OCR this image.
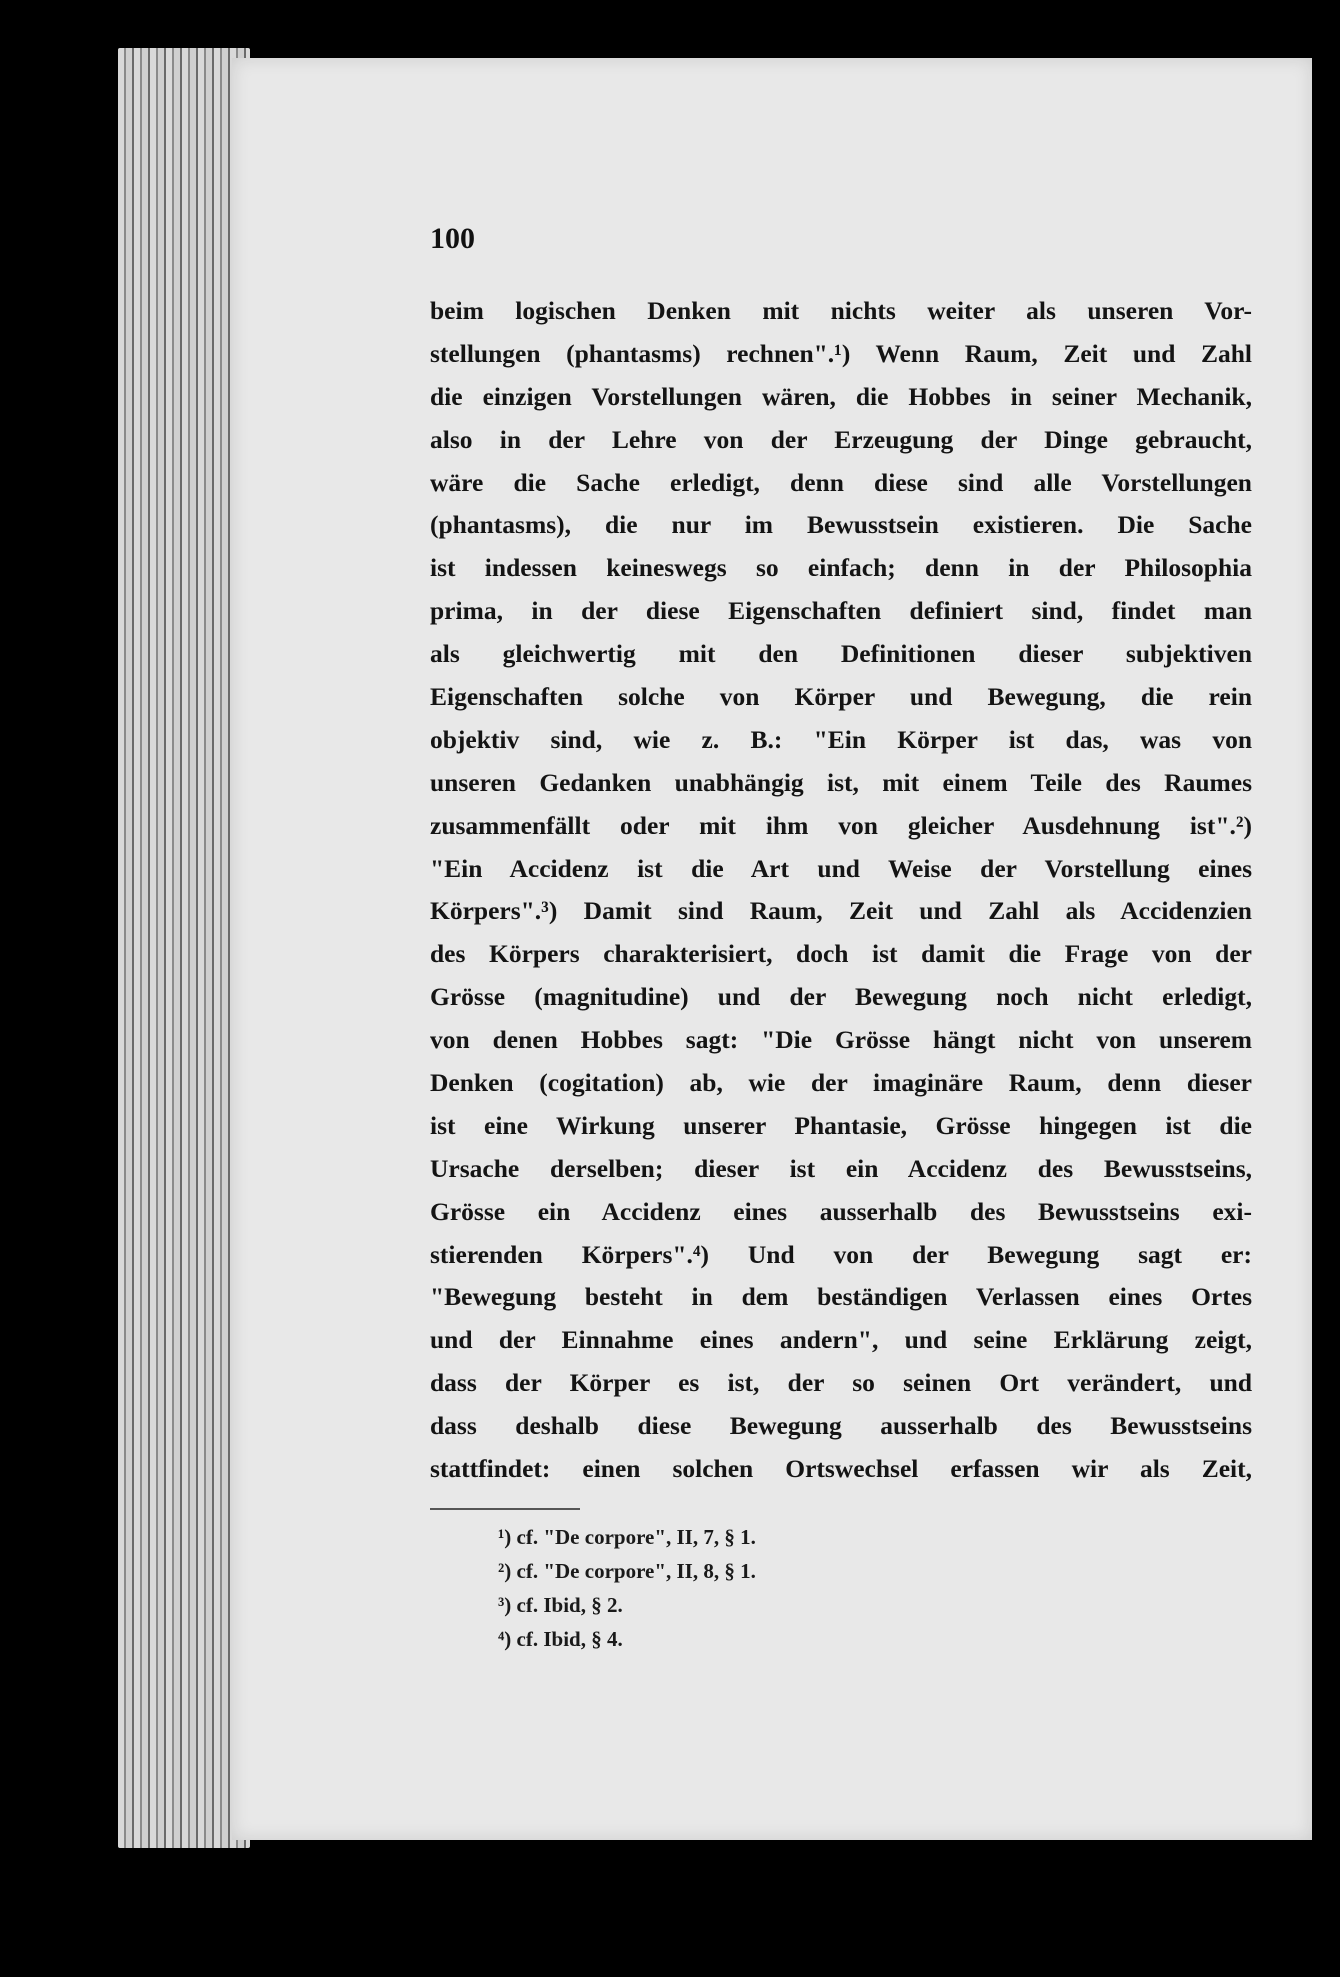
100

beim logischen Denken mit nichts weiter als unseren Vor-
stellungen (phantasms) rechnen".¹) Wenn Raum, Zeit und Zahl
die einzigen Vorstellungen wären, die Hobbes in seiner Mechanik,
also in der Lehre von der Erzeugung der Dinge gebraucht,
wäre die Sache erledigt, denn diese sind alle Vorstellungen
(phantasms), die nur im Bewusstsein existieren. Die Sache
ist indessen keineswegs so einfach; denn in der Philosophia
prima, in der diese Eigenschaften definiert sind, findet man
als gleichwertig mit den Definitionen dieser subjektiven
Eigenschaften solche von Körper und Bewegung, die rein
objektiv sind, wie z. B.: "Ein Körper ist das, was von
unseren Gedanken unabhängig ist, mit einem Teile des Raumes
zusammenfällt oder mit ihm von gleicher Ausdehnung ist".²)
"Ein Accidenz ist die Art und Weise der Vorstellung eines
Körpers".³) Damit sind Raum, Zeit und Zahl als Accidenzien
des Körpers charakterisiert, doch ist damit die Frage von der
Grösse (magnitudine) und der Bewegung noch nicht erledigt,
von denen Hobbes sagt: "Die Grösse hängt nicht von unserem
Denken (cogitation) ab, wie der imaginäre Raum, denn dieser
ist eine Wirkung unserer Phantasie, Grösse hingegen ist die
Ursache derselben; dieser ist ein Accidenz des Bewusstseins,
Grösse ein Accidenz eines ausserhalb des Bewusstseins exi-
stierenden Körpers".⁴) Und von der Bewegung sagt er:
"Bewegung besteht in dem beständigen Verlassen eines Ortes
und der Einnahme eines andern", und seine Erklärung zeigt,
dass der Körper es ist, der so seinen Ort verändert, und
dass deshalb diese Bewegung ausserhalb des Bewusstseins
stattfindet: einen solchen Ortswechsel erfassen wir als Zeit,
¹) cf. "De corpore", II, 7, § 1.
²) cf. "De corpore", II, 8, § 1.
³) cf. Ibid, § 2.
⁴) cf. Ibid, § 4.
